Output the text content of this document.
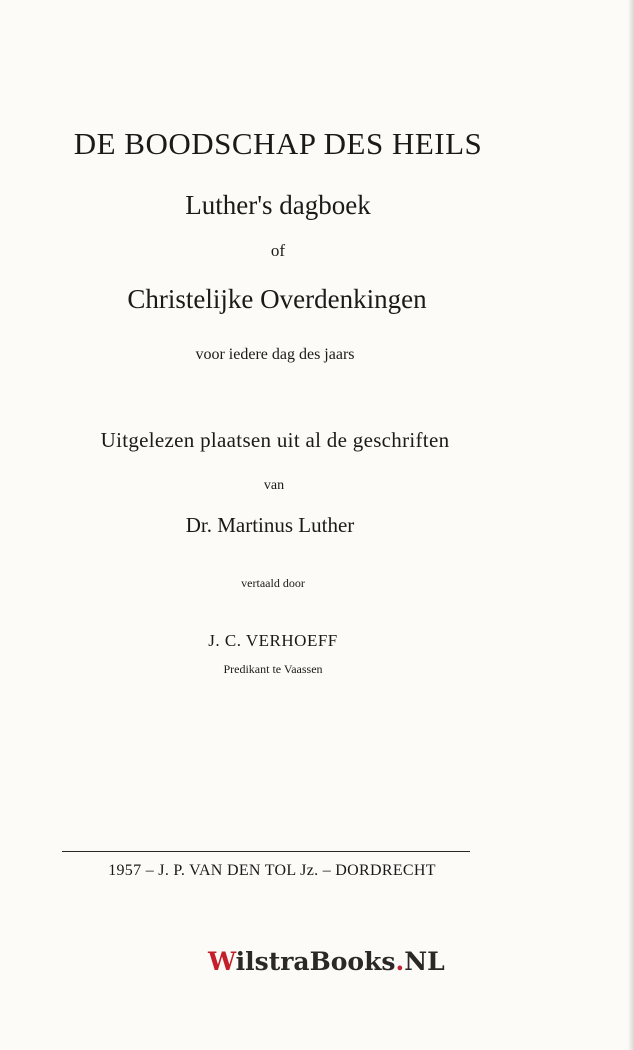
DE BOODSCHAP DES HEILS
Luther's dagboek
of
Christelijke Overdenkingen
voor iedere dag des jaars
Uitgelezen plaatsen uit al de geschriften
van
Dr. Martinus Luther
vertaald door
J. C. VERHOEFF
Predikant te Vaassen
1957 – J. P. VAN DEN TOL Jz. – DORDRECHT
WilstraBooks.NL
